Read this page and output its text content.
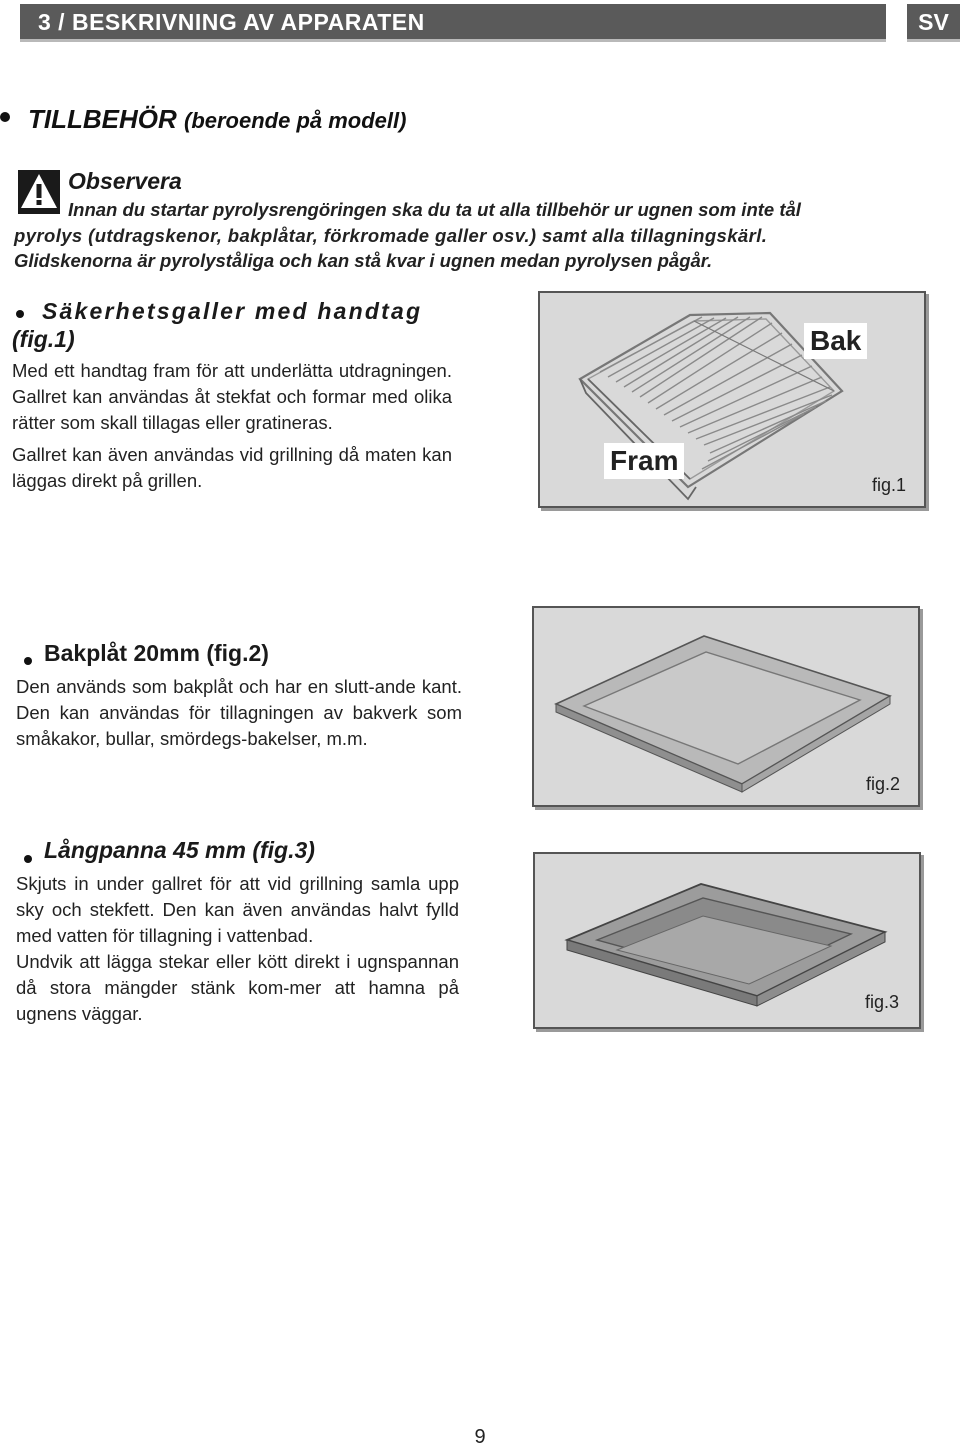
3 / BESKRIVNING AV APPARATEN	SV
TILLBEHÖR (beroende på modell)
Observera
Innan du startar pyrolysrengöringen ska du ta ut alla tillbehör ur ugnen som inte tål
pyrolys (utdragskenor, bakplåtar, förkromade galler osv.) samt alla tillagningskärl.
Glidskenorna är pyrolyståliga och kan stå kvar i ugnen medan pyrolysen pågår.
Säkerhetsgaller med handtag
(fig.1)

Med ett handtag fram för att underlätta utdragningen. Gallret kan användas åt stekfat och formar med olika rätter som skall tillagas eller gratineras.

Gallret kan även användas vid grillning då maten kan läggas direkt på grillen.

Bak
Fram
fig.1
Bakplåt 20mm (fig.2)

Den används som bakplåt och har en slutt-ande kant. Den kan användas för tillagningen av bakverk som småkakor, bullar, smördegs-bakelser, m.m.

fig.2
Långpanna 45 mm (fig.3)

Skjuts in under gallret för att vid grillning samla upp sky och stekfett. Den kan även användas halvt fylld med vatten för tillagning i vattenbad.

Undvik att lägga stekar eller kött direkt i ugnspannan då stora mängder stänk kom-mer att hamna på ugnens väggar.

fig.3
9
